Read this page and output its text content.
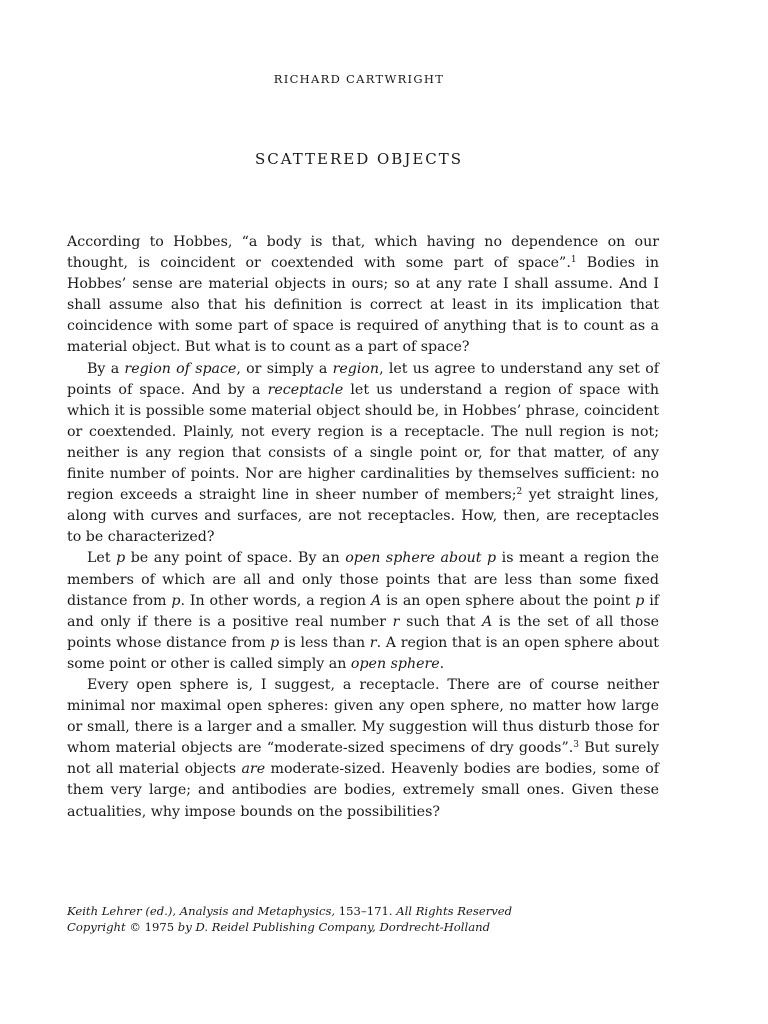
RICHARD CARTWRIGHT
SCATTERED OBJECTS

According to Hobbes, “a body is that, which having no dependence on our thought, is coincident or coextended with some part of space”.$^1$ Bodies in Hobbes’ sense are material objects in ours; so at any rate I shall assume. And I shall assume also that his definition is correct at least in its implication that coincidence with some part of space is required of anything that is to count as a material object. But what is to count as a part of space?

By a region of space, or simply a region, let us agree to understand any set of points of space. And by a receptacle let us understand a region of space with which it is possible some material object should be, in Hobbes’ phrase, coincident or coextended. Plainly, not every region is a receptacle. The null region is not; neither is any region that consists of a single point or, for that matter, of any finite number of points. Nor are higher cardinalities by themselves sufficient: no region exceeds a straight line in sheer number of members;$^2$ yet straight lines, along with curves and surfaces, are not receptacles. How, then, are receptacles to be characterized?

Let p be any point of space. By an open sphere about p is meant a region the members of which are all and only those points that are less than some fixed distance from p. In other words, a region A is an open sphere about the point p if and only if there is a positive real number r such that A is the set of all those points whose distance from p is less than r. A region that is an open sphere about some point or other is called simply an open sphere.

Every open sphere is, I suggest, a receptacle. There are of course neither minimal nor maximal open spheres: given any open sphere, no matter how large or small, there is a larger and a smaller. My suggestion will thus disturb those for whom material objects are “moderate-sized specimens of dry goods”.$^3$ But surely not all material objects are moderate-sized. Heavenly bodies are bodies, some of them very large; and antibodies are bodies, extremely small ones. Given these actualities, why impose bounds on the possibilities?

Keith Lehrer (ed.), Analysis and Metaphysics, 153–171. All Rights Reserved
Copyright © 1975 by D. Reidel Publishing Company, Dordrecht-Holland
